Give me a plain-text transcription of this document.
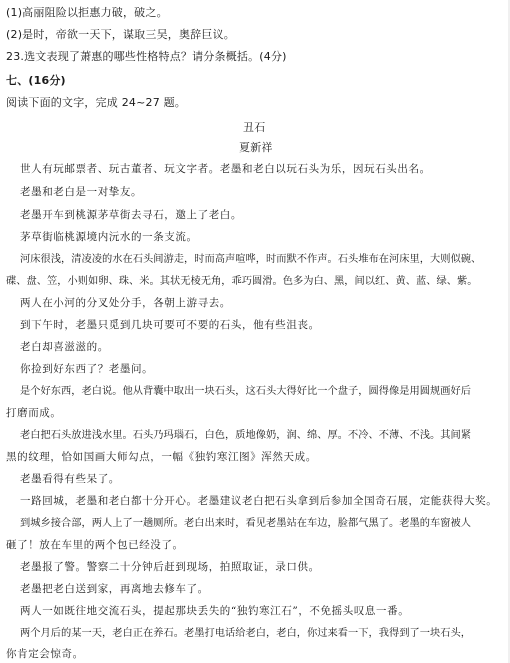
(1)高丽阻险以拒惠力破，破之。
(2)是时，帝欲一天下，谋取三吴，奥辞巨议。
23.选文表现了萧惠的哪些性格特点？请分条概括。(4分)
七、(16分)
阅读下面的文字，完成 24~27 题。
丑石
夏新祥
世人有玩邮票者、玩古董者、玩文字者。老墨和老白以玩石头为乐，因玩石头出名。
老墨和老白是一对挚友。
老墨开车到桃源茅草街去寻石，邀上了老白。
茅草街临桃源境内沅水的一条支流。
河床很浅，清凌凌的水在石头间游走，时而高声喧哗，时而默不作声。石头堆布在河床里，大则似碗、
碟、盘、笠，小则如卵、珠、米。其状无棱无角，乖巧圆滑。色多为白、黑，间以红、黄、蓝、绿、紫。
两人在小河的分叉处分手，各朝上游寻去。
到下午时，老墨只觅到几块可要可不要的石头，他有些沮丧。
老白却喜滋滋的。
你捡到好东西了？老墨问。
是个好东西，老白说。他从背囊中取出一块石头，这石头大得好比一个盘子，圆得像是用圆规画好后
打磨而成。
老白把石头放进浅水里。石头乃玛瑙石，白色，质地像奶，润、绵、厚。不冷、不薄、不浅。其间紧
黑的纹理，恰如国画大师勾点，一幅《独钓寒江图》浑然天成。
老墨看得有些呆了。
一路回城，老墨和老白都十分开心。老墨建议老白把石头拿到后参加全国奇石展，定能获得大奖。
到城乡接合部，两人上了一趟厕所。老白出来时，看见老墨站在车边，脸都气黑了。老墨的车窗被人
砸了！放在车里的两个包已经没了。
老墨报了警。警察二十分钟后赶到现场，拍照取证，录口供。
老墨把老白送到家，再离地去修车了。
两人一如既往地交流石头，提起那块丢失的“独钓寒江石”，不免摇头叹息一番。
两个月后的某一天，老白正在养石。老墨打电话给老白，老白，你过来看一下，我得到了一块石头，
你肯定会惊奇。
